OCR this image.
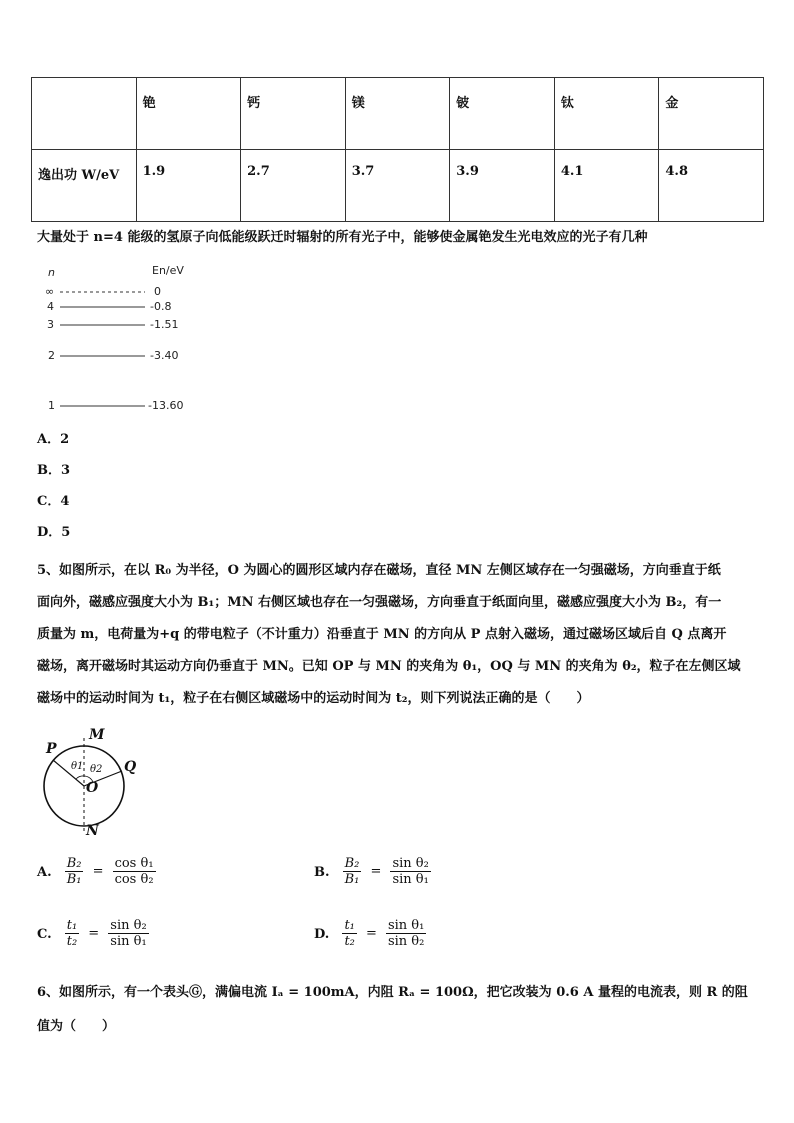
	铯	钙	镁	铍	钛	金
逸出功 W/eV	1.9	2.7	3.7	3.9	4.1	4.8
大量处于 n=4 能级的氢原子向低能级跃迁时辐射的所有光子中，能够使金属铯发生光电效应的光子有几种
n	En/eV
∞	0
4	-0.8
3	-1.51
2	-3.40
1	-13.60
A．2
B．3
C．4
D．5
5、如图所示，在以 R₀ 为半径，O 为圆心的圆形区域内存在磁场，直径 MN 左侧区域存在一匀强磁场，方向垂直于纸
面向外，磁感应强度大小为 B₁；MN 右侧区域也存在一匀强磁场，方向垂直于纸面向里，磁感应强度大小为 B₂，有一
质量为 m，电荷量为+q 的带电粒子（不计重力）沿垂直于 MN 的方向从 P 点射入磁场，通过磁场区域后自 Q 点离开
磁场，离开磁场时其运动方向仍垂直于 MN。已知 OP 与 MN 的夹角为 θ₁，OQ 与 MN 的夹角为 θ₂，粒子在左侧区域
磁场中的运动时间为 t₁，粒子在右侧区域磁场中的运动时间为 t₂，则下列说法正确的是（　　）
P
M
Q
O
N
θ1 θ2
A. $\frac{\text{B₂}}{\text{B₁}} = \frac{\text{cos θ₁}}{\text{cos θ₂}}$	B. $\frac{\text{B₂}}{\text{B₁}} = \frac{\text{sin θ₂}}{\text{sin θ₁}}$
C. $\frac{\text{t₁}}{\text{t₂}} = \frac{\text{sin θ₂}}{\text{sin θ₁}}$	D. $\frac{\text{t₁}}{\text{t₂}} = \frac{\text{sin θ₁}}{\text{sin θ₂}}$
6、如图所示，有一个表头Ⓖ，满偏电流 Iₐ = 100mA，内阻 Rₐ = 100Ω，把它改装为 0.6 A 量程的电流表，则 R 的阻
值为（　　）
